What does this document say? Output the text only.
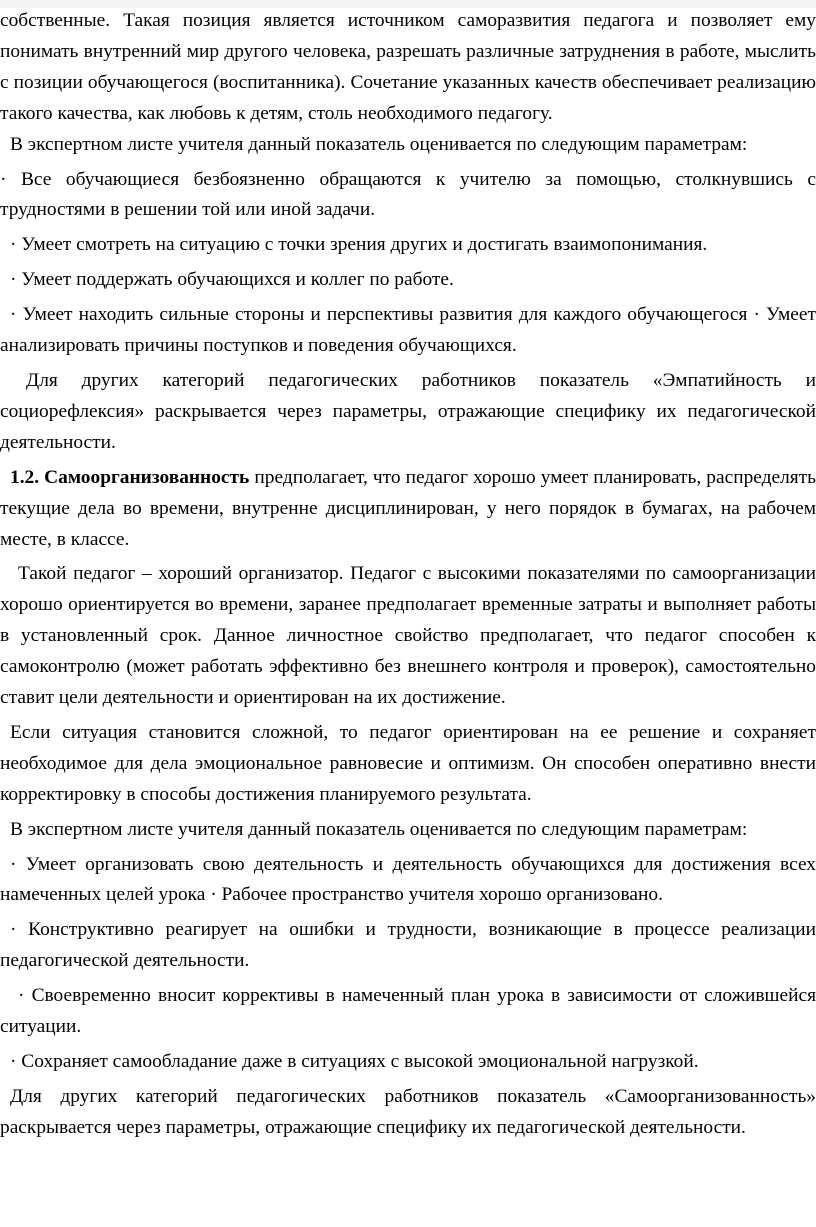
собственные. Такая позиция является источником саморазвития педагога и позволяет ему понимать внутренний мир другого человека, разрешать различные затруднения в работе, мыслить с позиции обучающегося (воспитанника). Сочетание указанных качеств обеспечивает реализацию такого качества, как любовь к детям, столь необходимого педагогу.

В экспертном листе учителя данный показатель оценивается по следующим параметрам:

· Все обучающиеся безбоязненно обращаются к учителю за помощью, столкнувшись с трудностями в решении той или иной задачи.

· Умеет смотреть на ситуацию с точки зрения других и достигать взаимопонимания.

· Умеет поддержать обучающихся и коллег по работе.

· Умеет находить сильные стороны и перспективы развития для каждого обучающегося · Умеет анализировать причины поступков и поведения обучающихся.

Для других категорий педагогических работников показатель «Эмпатийность и социорефлексия» раскрывается через параметры, отражающие специфику их педагогической деятельности.

1.2. Самоорганизованность предполагает, что педагог хорошо умеет планировать, распределять текущие дела во времени, внутренне дисциплинирован, у него порядок в бумагах, на рабочем месте, в классе.

Такой педагог – хороший организатор. Педагог с высокими показателями по самоорганизации хорошо ориентируется во времени, заранее предполагает временные затраты и выполняет работы в установленный срок. Данное личностное свойство предполагает, что педагог способен к самоконтролю (может работать эффективно без внешнего контроля и проверок), самостоятельно ставит цели деятельности и ориентирован на их достижение.

Если ситуация становится сложной, то педагог ориентирован на ее решение и сохраняет необходимое для дела эмоциональное равновесие и оптимизм. Он способен оперативно внести корректировку в способы достижения планируемого результата.

В экспертном листе учителя данный показатель оценивается по следующим параметрам:

· Умеет организовать свою деятельность и деятельность обучающихся для достижения всех намеченных целей урока · Рабочее пространство учителя хорошо организовано.

· Конструктивно реагирует на ошибки и трудности, возникающие в процессе реализации педагогической деятельности.

· Своевременно вносит коррективы в намеченный план урока в зависимости от сложившейся ситуации.

· Сохраняет самообладание даже в ситуациях с высокой эмоциональной нагрузкой.

Для других категорий педагогических работников показатель «Самоорганизованность» раскрывается через параметры, отражающие специфику их педагогической деятельности.
